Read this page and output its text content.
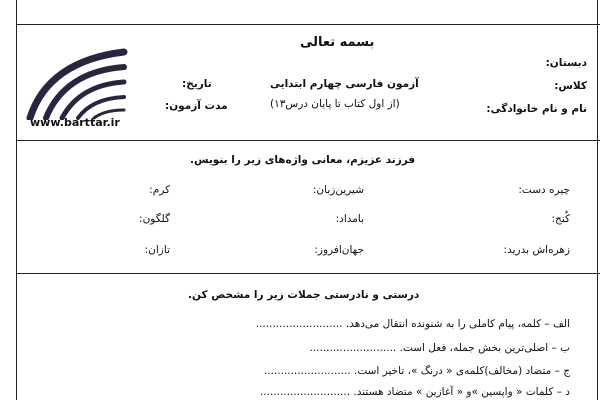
بسمه تعالی
دبستان:
کلاس:
نام و نام خانوادگی:
آزمون فارسی چهارم ابتدایی
(از اول کتاب تا پایان درس۱۳)
تاریخ:
مدت آزمون:
www.barttar.ir
فرزند عزیزم، معانی واژه‌های زیر را بنویس.
چیره دست:
شیرین‌زبان:
کرم:
کُنج:
بامداد:
گلگون:
زهره‌اش بدرید:
جهان‌افروز:
تازان:
درستی و نادرستی جملات زیر را مشخص کن.
الف – کلمه، پیام کاملی را به شنونده انتقال می‌دهد. ..........................
ب – اصلی‌ترین بخش جمله، فعل است. ..........................
ج – متضاد (مخالف)کلمه‌ی « درنگ »، تاخیر است. ..........................
د – کلمات « واپسین »و « آغازین » متضاد هستند. ...........................
